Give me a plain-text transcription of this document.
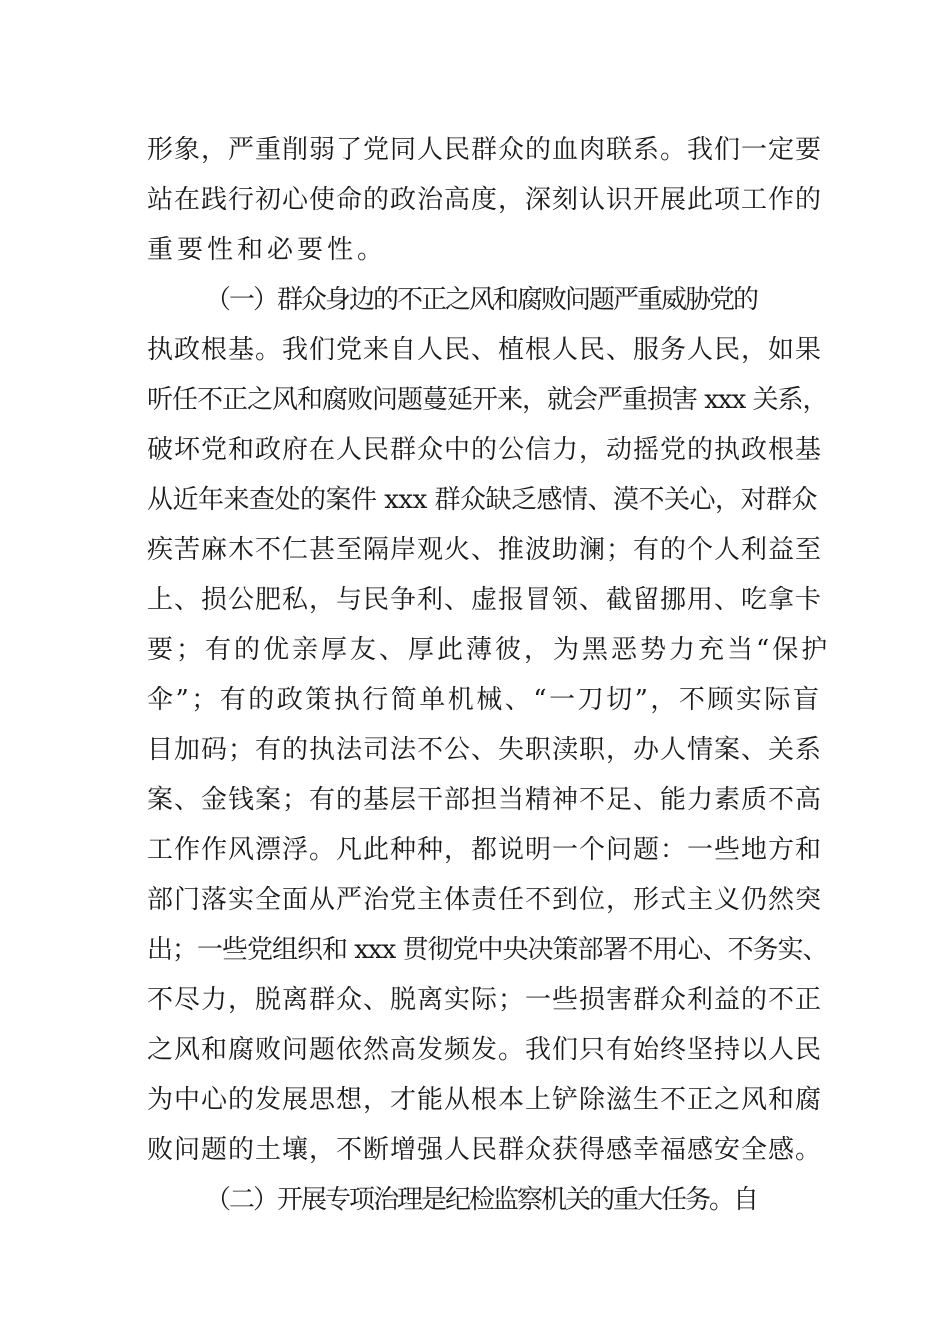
形象，严重削弱了党同人民群众的血肉联系。我们一定要
站在践行初心使命的政治高度，深刻认识开展此项工作的
重要性和必要性。
（一）群众身边的不正之风和腐败问题严重威胁党的
执政根基。我们党来自人民、植根人民、服务人民，如果
听任不正之风和腐败问题蔓延开来，就会严重损害 xxx 关系，
破坏党和政府在人民群众中的公信力，动摇党的执政根基
从近年来查处的案件 xxx 群众缺乏感情、漠不关心，对群众
疾苦麻木不仁甚至隔岸观火、推波助澜；有的个人利益至
上、损公肥私，与民争利、虚报冒领、截留挪用、吃拿卡
要；有的优亲厚友、厚此薄彼，为黑恶势力充当“保护
伞”；有的政策执行简单机械、“一刀切”，不顾实际盲
目加码；有的执法司法不公、失职渎职，办人情案、关系
案、金钱案；有的基层干部担当精神不足、能力素质不高
工作作风漂浮。凡此种种，都说明一个问题：一些地方和
部门落实全面从严治党主体责任不到位，形式主义仍然突
出；一些党组织和 xxx 贯彻党中央决策部署不用心、不务实、
不尽力，脱离群众、脱离实际；一些损害群众利益的不正
之风和腐败问题依然高发频发。我们只有始终坚持以人民
为中心的发展思想，才能从根本上铲除滋生不正之风和腐
败问题的土壤，不断增强人民群众获得感幸福感安全感。
（二）开展专项治理是纪检监察机关的重大任务。自
